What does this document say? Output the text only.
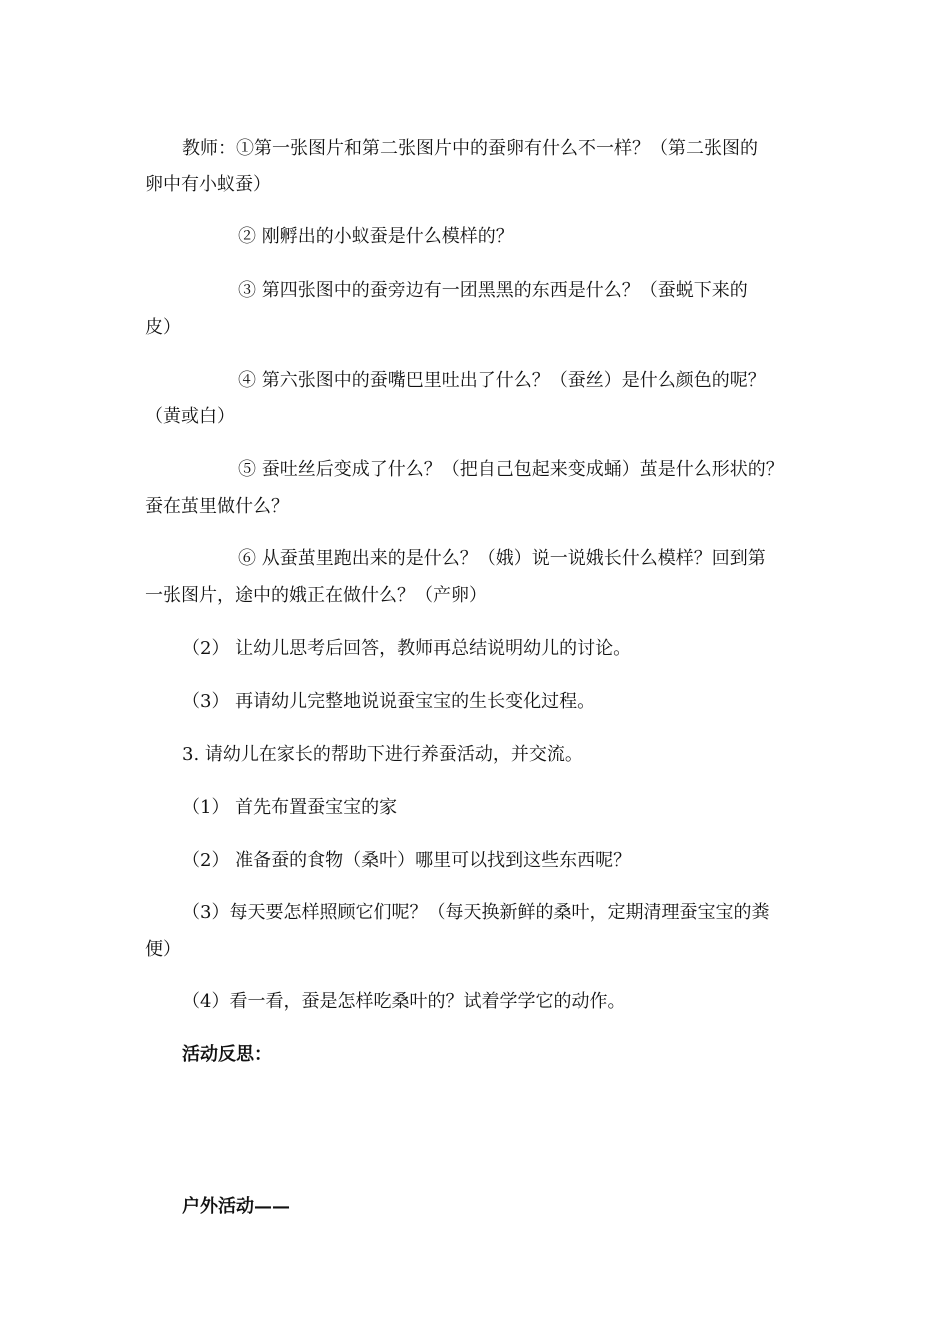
教师：①第一张图片和第二张图片中的蚕卵有什么不一样？（第二张图的
卵中有小蚁蚕）
② 刚孵出的小蚁蚕是什么模样的？
③ 第四张图中的蚕旁边有一团黑黑的东西是什么？（蚕蜕下来的
皮）
④ 第六张图中的蚕嘴巴里吐出了什么？（蚕丝）是什么颜色的呢？
（黄或白）
⑤ 蚕吐丝后变成了什么？（把自己包起来变成蛹）茧是什么形状的？
蚕在茧里做什么？
⑥ 从蚕茧里跑出来的是什么？（娥）说一说娥长什么模样？回到第
一张图片，途中的娥正在做什么？（产卵）
（2） 让幼儿思考后回答，教师再总结说明幼儿的讨论。
（3） 再请幼儿完整地说说蚕宝宝的生长变化过程。
3. 请幼儿在家长的帮助下进行养蚕活动，并交流。
（1） 首先布置蚕宝宝的家
（2） 准备蚕的食物（桑叶）哪里可以找到这些东西呢？
（3）每天要怎样照顾它们呢？（每天换新鲜的桑叶，定期清理蚕宝宝的粪
便）
（4）看一看，蚕是怎样吃桑叶的？试着学学它的动作。
活动反思：
户外活动——
